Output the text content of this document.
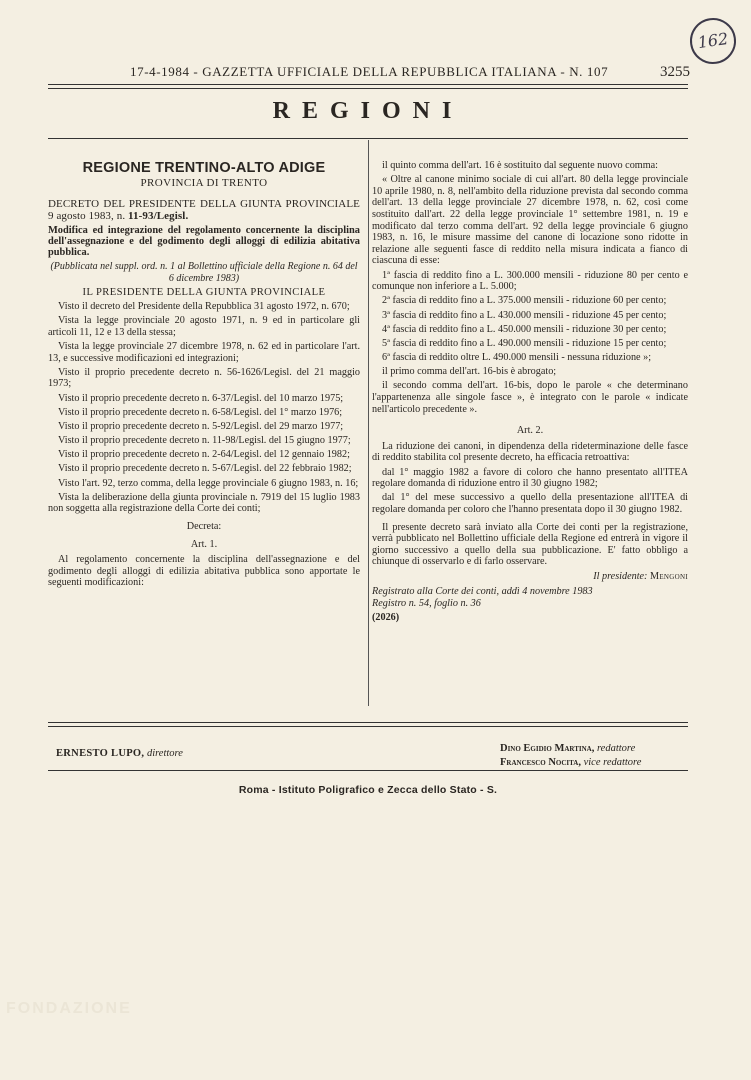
162
17-4-1984 - GAZZETTA UFFICIALE DELLA REPUBBLICA ITALIANA - N. 107	3255
REGIONI
REGIONE TRENTINO-ALTO ADIGE
PROVINCIA DI TRENTO

DECRETO DEL PRESIDENTE DELLA GIUNTA PROVINCIALE 9 agosto 1983, n. 11-93/Legisl.

Modifica ed integrazione del regolamento concernente la disciplina dell'assegnazione e del godimento degli alloggi di edilizia abitativa pubblica.

(Pubblicata nel suppl. ord. n. 1 al Bollettino ufficiale della Regione n. 64 del 6 dicembre 1983)

IL PRESIDENTE DELLA GIUNTA PROVINCIALE

Visto il decreto del Presidente della Repubblica 31 agosto 1972, n. 670;

Vista la legge provinciale 20 agosto 1971, n. 9 ed in particolare gli articoli 11, 12 e 13 della stessa;

Vista la legge provinciale 27 dicembre 1978, n. 62 ed in particolare l'art. 13, e successive modificazioni ed integrazioni;

Visto il proprio precedente decreto n. 56-1626/Legisl. del 21 maggio 1973;

Visto il proprio precedente decreto n. 6-37/Legisl. del 10 marzo 1975;

Visto il proprio precedente decreto n. 6-58/Legisl. del 1° marzo 1976;

Visto il proprio precedente decreto n. 5-92/Legisl. del 29 marzo 1977;

Visto il proprio precedente decreto n. 11-98/Legisl. del 15 giugno 1977;

Visto il proprio precedente decreto n. 2-64/Legisl. del 12 gennaio 1982;

Visto il proprio precedente decreto n. 5-67/Legisl. del 22 febbraio 1982;

Visto l'art. 92, terzo comma, della legge provinciale 6 giugno 1983, n. 16;

Vista la deliberazione della giunta provinciale n. 7919 del 15 luglio 1983 non soggetta alla registrazione della Corte dei conti;

Decreta:

Art. 1.

Al regolamento concernente la disciplina dell'assegnazione e del godimento degli alloggi di edilizia abitativa pubblica sono apportate le seguenti modificazioni:

il quinto comma dell'art. 16 è sostituito dal seguente nuovo comma:

« Oltre al canone minimo sociale di cui all'art. 80 della legge provinciale 10 aprile 1980, n. 8, nell'ambito della riduzione prevista dal secondo comma dell'art. 13 della legge provinciale 27 dicembre 1978, n. 62, così come sostituito dall'art. 22 della legge provinciale 1° settembre 1981, n. 19 e modificato dal terzo comma dell'art. 92 della legge provinciale 6 giugno 1983, n. 16, le misure massime del canone di locazione sono ridotte in relazione alle seguenti fasce di reddito nella misura indicata a fianco di ciascuna di esse:

1ª fascia di reddito fino a L. 300.000 mensili - riduzione 80 per cento e comunque non inferiore a L. 5.000;

2ª fascia di reddito fino a L. 375.000 mensili - riduzione 60 per cento;

3ª fascia di reddito fino a L. 430.000 mensili - riduzione 45 per cento;

4ª fascia di reddito fino a L. 450.000 mensili - riduzione 30 per cento;

5ª fascia di reddito fino a L. 490.000 mensili - riduzione 15 per cento;

6ª fascia di reddito oltre L. 490.000 mensili - nessuna riduzione »;

il primo comma dell'art. 16-bis è abrogato;

il secondo comma dell'art. 16-bis, dopo le parole « che determinano l'appartenenza alle singole fasce », è integrato con le parole « indicate nell'articolo precedente ».

Art. 2.

La riduzione dei canoni, in dipendenza della rideterminazione delle fasce di reddito stabilita col presente decreto, ha efficacia retroattiva:

dal 1° maggio 1982 a favore di coloro che hanno presentato all'ITEA regolare domanda di riduzione entro il 30 giugno 1982;

dal 1° del mese successivo a quello della presentazione all'ITEA di regolare domanda per coloro che l'hanno presentata dopo il 30 giugno 1982.

Il presente decreto sarà inviato alla Corte dei conti per la registrazione, verrà pubblicato nel Bollettino ufficiale della Regione ed entrerà in vigore il giorno successivo a quello della sua pubblicazione. E' fatto obbligo a chiunque di osservarlo e di farlo osservare.

Il presidente: Mengoni

Registrato alla Corte dei conti, addì 4 novembre 1983

Registro n. 54, foglio n. 36

(2026)

ERNESTO LUPO, direttore	Dino Egidio Martina, redattore
Francesco Nocita, vice redattore
Roma - Istituto Poligrafico e Zecca dello Stato - S.
FONDAZIONE
